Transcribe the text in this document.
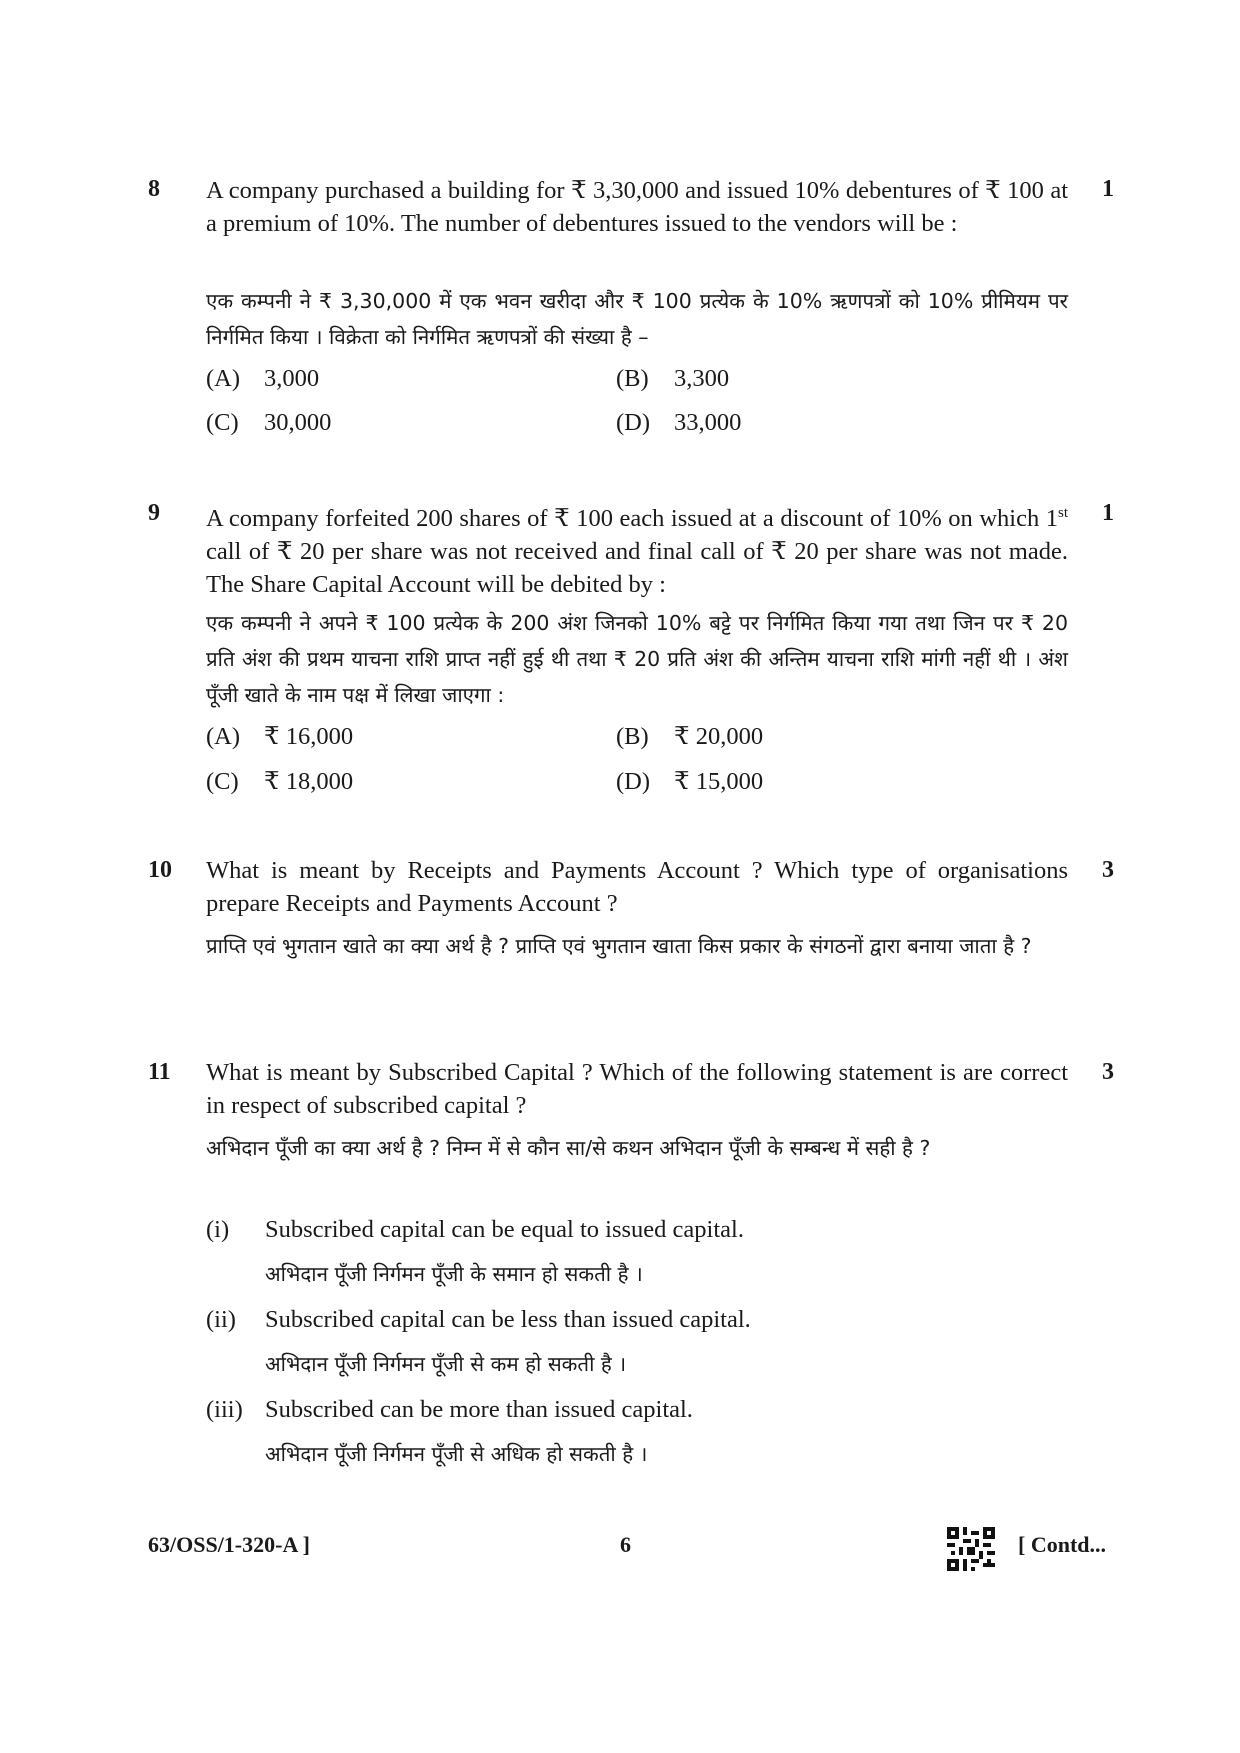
8	1
A company purchased a building for ₹ 3,30,000 and issued 10% debentures of ₹ 100 at a premium of 10%. The number of debentures issued to the vendors will be :
एक कम्पनी ने ₹ 3,30,000 में एक भवन खरीदा और ₹ 100 प्रत्येक के 10% ऋणपत्रों को 10% प्रीमियम पर निर्गमित किया । विक्रेता को निर्गमित ऋणपत्रों की संख्या है –
(A) 3,000	(B) 3,300
(C) 30,000	(D) 33,000
9	1
A company forfeited 200 shares of ₹ 100 each issued at a discount of 10% on which 1st call of ₹ 20 per share was not received and final call of ₹ 20 per share was not made. The Share Capital Account will be debited by :
एक कम्पनी ने अपने ₹ 100 प्रत्येक के 200 अंश जिनको 10% बट्टे पर निर्गमित किया गया तथा जिन पर ₹ 20 प्रति अंश की प्रथम याचना राशि प्राप्त नहीं हुई थी तथा ₹ 20 प्रति अंश की अन्तिम याचना राशि मांगी नहीं थी । अंश पूँजी खाते के नाम पक्ष में लिखा जाएगा :
(A) ₹ 16,000	(B) ₹ 20,000
(C) ₹ 18,000	(D) ₹ 15,000
10	3
What is meant by Receipts and Payments Account ? Which type of organisations prepare Receipts and Payments Account ?
प्राप्ति एवं भुगतान खाते का क्या अर्थ है ? प्राप्ति एवं भुगतान खाता किस प्रकार के संगठनों द्वारा बनाया जाता है ?
11	3
What is meant by Subscribed Capital ? Which of the following statement is are correct in respect of subscribed capital ?
अभिदान पूँजी का क्या अर्थ है ? निम्न में से कौन सा/से कथन अभिदान पूँजी के सम्बन्ध में सही है ?
(i) Subscribed capital can be equal to issued capital.
अभिदान पूँजी निर्गमन पूँजी के समान हो सकती है ।
(ii) Subscribed capital can be less than issued capital.
अभिदान पूँजी निर्गमन पूँजी से कम हो सकती है ।
(iii) Subscribed can be more than issued capital.
अभिदान पूँजी निर्गमन पूँजी से अधिक हो सकती है ।
63/OSS/1-320-A ]	6	[ Contd...
